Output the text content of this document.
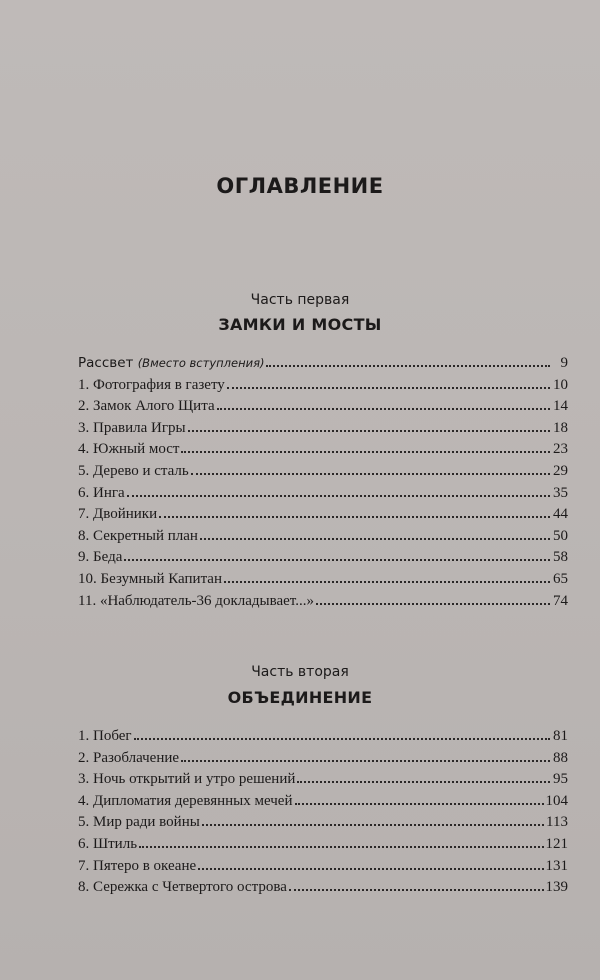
ОГЛАВЛЕНИЕ
Часть первая
ЗАМКИ И МОСТЫ
Рассвет (Вместо вступления)	9
1. Фотография в газету	10
2. Замок Алого Щита	14
3. Правила Игры	18
4. Южный мост	23
5. Дерево и сталь	29
6. Инга	35
7. Двойники	44
8. Секретный план	50
9. Беда	58
10. Безумный Капитан	65
11. «Наблюдатель-36 докладывает...»	74
Часть вторая
ОБЪЕДИНЕНИЕ
1. Побег	81
2. Разоблачение	88
3. Ночь открытий и утро решений	95
4. Дипломатия деревянных мечей	104
5. Мир ради войны	113
6. Штиль	121
7. Пятеро в океане	131
8. Сережка с Четвертого острова	139
